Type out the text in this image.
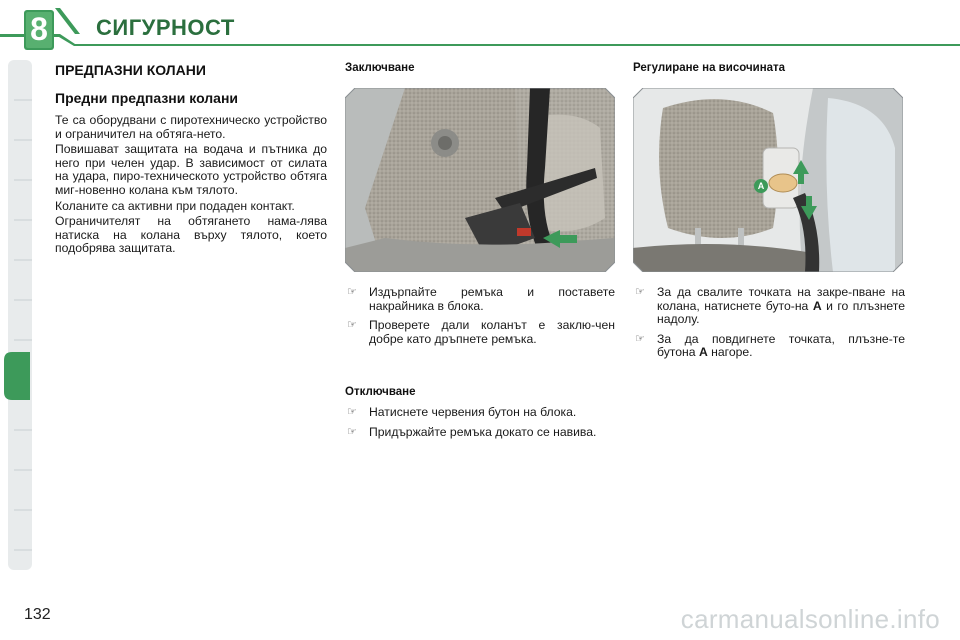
8 СИГУРНОСТ
ПРЕДПАЗНИ КОЛАНИ
Предни предпазни колани

Те са оборудвани с пиротехническо устройство и ограничител на обтяга-нето.

Повишават защитата на водача и пътника до него при челен удар. В зависимост от силата на удара, пиро-техническото устройство обтяга миг-новенно колана към тялото.

Коланите са активни при подаден контакт.

Ограничителят на обтягането нама-лява натиска на колана върху тялото, което подобрява защитата.

Заключване
☞ Издърпайте ремъка и поставете накрайника в блока.
☞ Проверете дали коланът е заклю-чен добре като дръпнете ремъка.
Отключване
☞ Натиснете червения бутон на блока.
☞ Придържайте ремъка докато се навива.
Регулиране на височината
A
☞ За да свалите точката на закре-пване на колана, натиснете буто-на A и го плъзнете надолу.
☞ За да повдигнете точката, плъзне-те бутона A нагоре.
132	carmanualsonline.info
